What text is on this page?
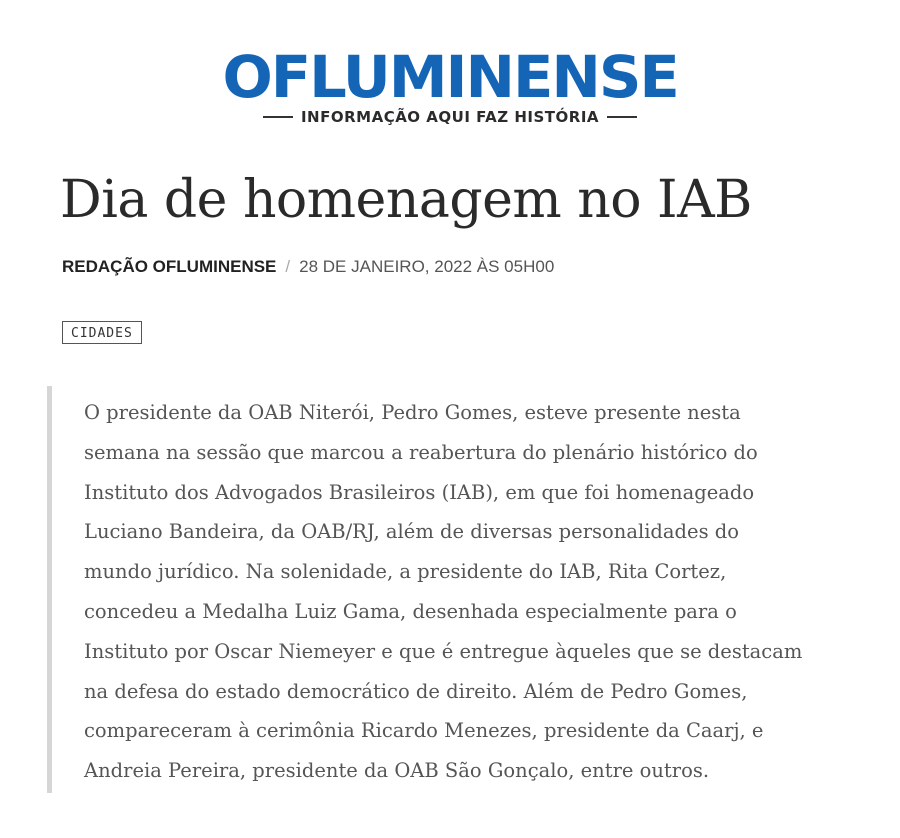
OFLUMINENSE
INFORMAÇÃO AQUI FAZ HISTÓRIA
Dia de homenagem no IAB
REDAÇÃO OFLUMINENSE / 28 DE JANEIRO, 2022 ÀS 05H00
CIDADES

O presidente da OAB Niterói, Pedro Gomes, esteve presente nesta
semana na sessão que marcou a reabertura do plenário histórico do
Instituto dos Advogados Brasileiros (IAB), em que foi homenageado
Luciano Bandeira, da OAB/RJ, além de diversas personalidades do
mundo jurídico. Na solenidade, a presidente do IAB, Rita Cortez,
concedeu a Medalha Luiz Gama, desenhada especialmente para o
Instituto por Oscar Niemeyer e que é entregue àqueles que se destacam
na defesa do estado democrático de direito. Além de Pedro Gomes,
compareceram à cerimônia Ricardo Menezes, presidente da Caarj, e
Andreia Pereira, presidente da OAB São Gonçalo, entre outros.
